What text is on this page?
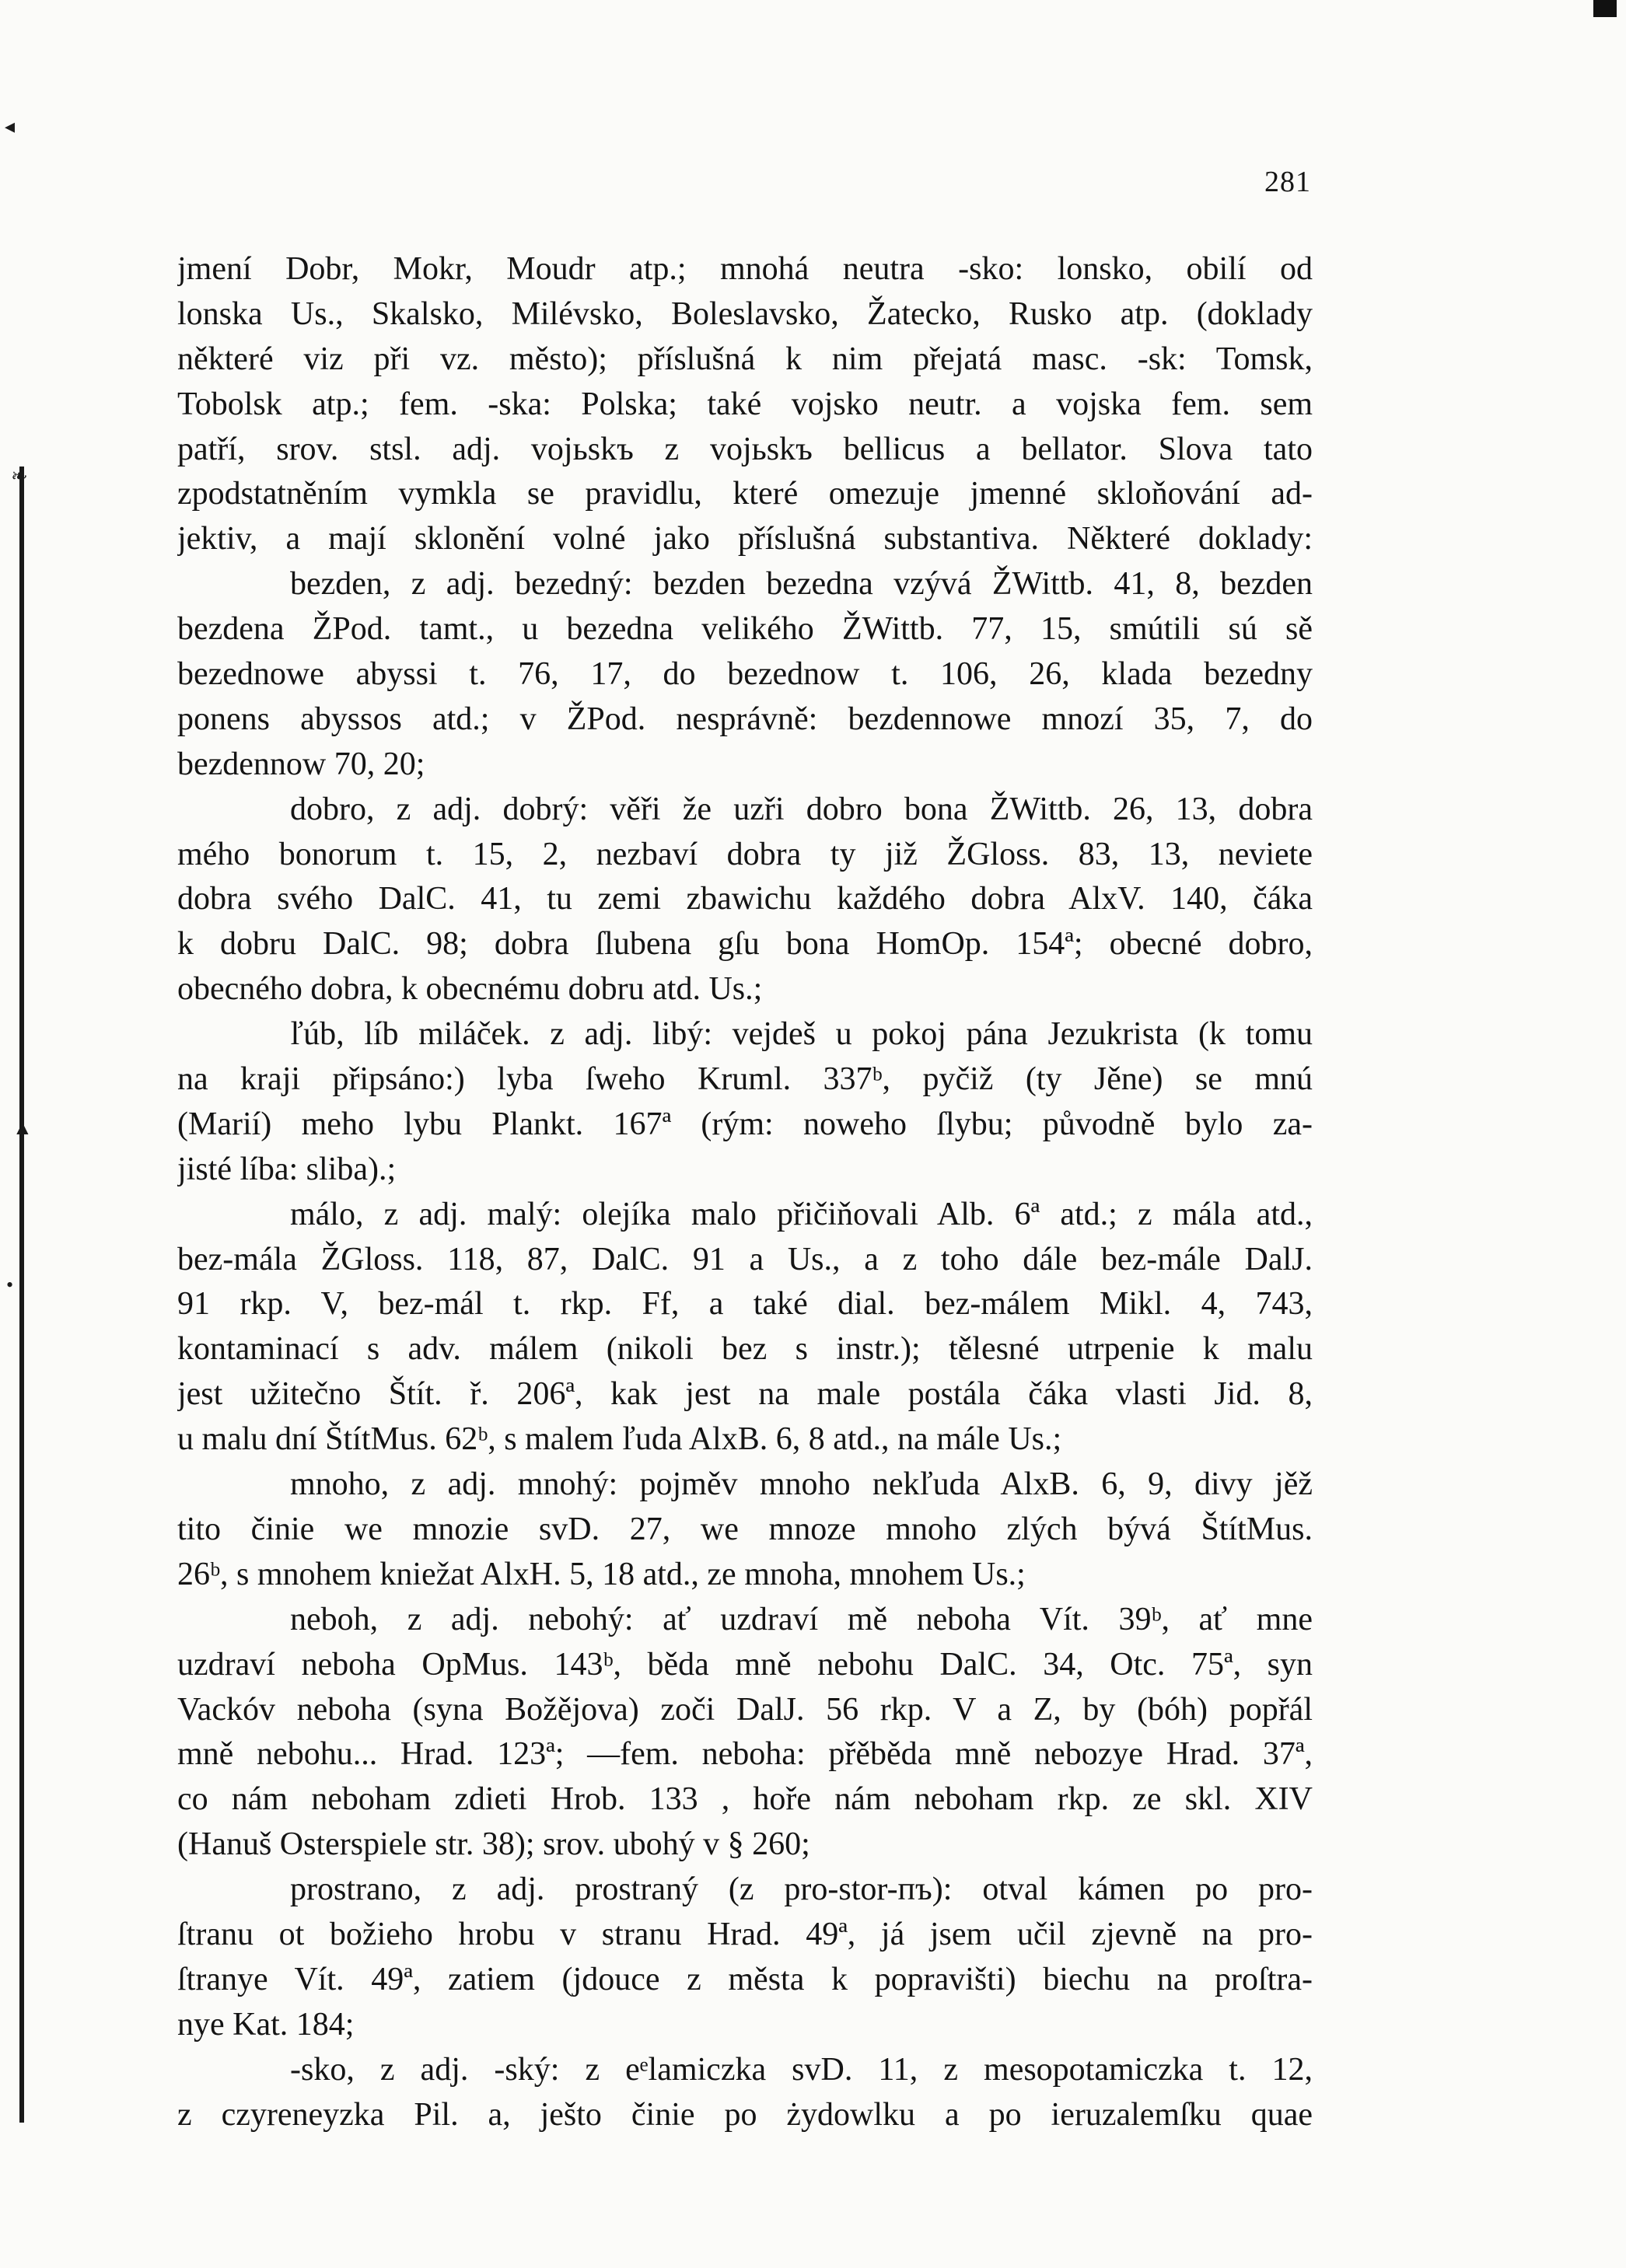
◂
❧
▲
•
281
jmení Dobr, Mokr, Moudr atp.; mnohá neutra -sko: lonsko, obilí od
lonska Us., Skalsko, Milévsko, Boleslavsko, Žatecko, Rusko atp. (doklady
některé viz při vz. město); příslušná k nim přejatá masc. -sk: Tomsk,
Tobolsk atp.; fem. -ska: Polska; také vojsko neutr. a vojska fem. sem
patří, srov. stsl. adj. vojьskъ z vojьskъ bellicus a bellator. Slova tato
zpodstatněním vymkla se pravidlu, které omezuje jmenné skloňování ad-
jektiv, a mají sklonění volné jako příslušná substantiva. Některé doklady:
bezden, z adj. bezedný: bezden bezedna vzývá ŽWittb. 41, 8, bezden
bezdena ŽPod. tamt., u bezedna velikého ŽWittb. 77, 15, smútili sú sě
bezednowe abyssi t. 76, 17, do bezednow t. 106, 26, klada bezedny
ponens abyssos atd.; v ŽPod. nesprávně: bezdennowe mnozí 35, 7, do
bezdennow 70, 20;
dobro, z adj. dobrý: věři že uzři dobro bona ŽWittb. 26, 13, dobra
mého bonorum t. 15, 2, nezbaví dobra ty již ŽGloss. 83, 13, neviete
dobra svého DalC. 41, tu zemi zbawichu každého dobra AlxV. 140, čáka
k dobru DalC. 98; dobra ſlubena gſu bona HomOp. 154ª; obecné dobro,
obecného dobra, k obecnému dobru atd. Us.;
ľúb, líb miláček. z adj. libý: vejdeš u pokoj pána Jezukrista (k tomu
na kraji připsáno:) lyba ſweho Kruml. 337ᵇ, pyčiž (ty Jěne) se mnú
(Marií) meho lybu Plankt. 167ª (rým: noweho ſlybu; původně bylo za-
jisté líba: sliba).;
málo, z adj. malý: olejíka malo přičiňovali Alb. 6ª atd.; z mála atd.,
bez-mála ŽGloss. 118, 87, DalC. 91 a Us., a z toho dále bez-mále DalJ.
91 rkp. V, bez-mál t. rkp. Ff, a také dial. bez-málem Mikl. 4, 743,
kontaminací s adv. málem (nikoli bez s instr.); tělesné utrpenie k malu
jest užitečno Štít. ř. 206ª, kak jest na male postála čáka vlasti Jid. 8,
u malu dní ŠtítMus. 62ᵇ, s malem ľuda AlxB. 6, 8 atd., na mále Us.;
mnoho, z adj. mnohý: pojměv mnoho nekľuda AlxB. 6, 9, divy jěž
tito činie we mnozie svD. 27, we mnoze mnoho zlých bývá ŠtítMus.
26ᵇ, s mnohem kniežat AlxH. 5, 18 atd., ze mnoha, mnohem Us.;
neboh, z adj. nebohý: ať uzdraví mě neboha Vít. 39ᵇ, ať mne
uzdraví neboha OpMus. 143ᵇ, běda mně nebohu DalC. 34, Otc. 75ª, syn
Vackóv neboha (syna Božějova) zoči DalJ. 56 rkp. V a Z, by (bóh) popřál
mně nebohu... Hrad. 123ª; —fem. neboha: přěběda mně nebozye Hrad. 37ª,
co nám neboham zdieti Hrob. 133 , hoře nám neboham rkp. ze skl. XIV
(Hanuš Osterspiele str. 38); srov. ubohý v § 260;
prostrano, z adj. prostraný (z pro-stor-пъ): otval kámen po pro-
ſtranu ot božieho hrobu v stranu Hrad. 49ª, já jsem učil zjevně na pro-
ſtranye Vít. 49ª, zatiem (jdouce z města k popravišti) biechu na proſtra-
nye Kat. 184;
-sko, z adj. -ský: z eᵉlamiczka svD. 11, z mesopotamiczka t. 12,
z czyreneyzka Pil. a, ješto činie po żydowlku a po ieruzalemſku quae
